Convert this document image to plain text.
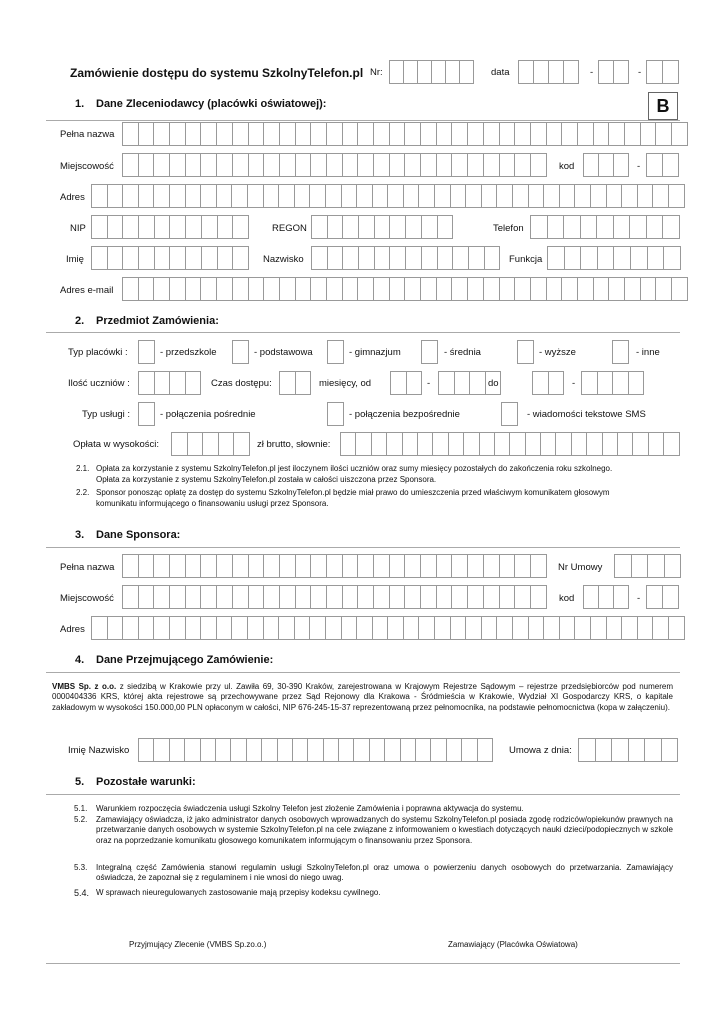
Zamówienie dostępu do systemu SzkolnyTelefon.pl Nr:	data	-	-
1. Dane Zleceniodawcy (placówki oświatowej):	B
Pełna nazwa
Miejscowość	kod	-
Adres
NIP	REGON	Telefon
Imię	Nazwisko	Funkcja
Adres e-mail
2. Przedmiot Zamówienia:
Typ placówki :	- przedszkole	- podstawowa	- gimnazjum	- średnia	- wyższe	- inne
Ilość uczniów :	Czas dostępu:	miesięcy, od	-	do	-
Typ usługi :	- połączenia pośrednie	- połączenia bezpośrednie	- wiadomości tekstowe SMS
Opłata w wysokości:	zł brutto, słownie:
2.1. Opłata za korzystanie z systemu SzkolnyTelefon.pl jest iloczynem ilości uczniów oraz sumy miesięcy pozostałych do zakończenia roku szkolnego.
Opłata za korzystanie z systemu SzkolnyTelefon.pl została w całości uiszczona przez Sponsora.
2.2. Sponsor ponosząc opłatę za dostęp do systemu SzkolnyTelefon.pl będzie miał prawo do umieszczenia przed właściwym komunikatem głosowym
komunikatu informującego o finansowaniu usługi przez Sponsora.
3. Dane Sponsora:
Pełna nazwa	Nr Umowy
Miejscowość	kod	-
Adres
4. Dane Przejmującego Zamówienie:
VMBS Sp. z o.o. z siedzibą w Krakowie przy ul. Zawiła 69, 30-390 Kraków, zarejestrowana w Krajowym Rejestrze Sądowym – rejestrze przedsiębiorców pod numerem 0000404336 KRS, której akta rejestrowe są przechowywane przez Sąd Rejonowy dla Krakowa - Śródmieścia w Krakowie, Wydział XI Gospodarczy KRS, o kapitale zakładowym w wysokości 150.000,00 PLN opłaconym w całości, NIP 676-245-15-37 reprezentowaną przez pełnomocnika, na podstawie pełnomocnictwa (kopa w załączeniu).
Imię Nazwisko	Umowa z dnia:
5. Pozostałe warunki:
5.1. Warunkiem rozpoczęcia świadczenia usługi Szkolny Telefon jest złożenie Zamówienia i poprawna aktywacja do systemu.
5.2. Zamawiający oświadcza, iż jako administrator danych osobowych wprowadzanych do systemu SzkolnyTelefon.pl posiada zgodę rodziców/opiekunów prawnych na przetwarzanie danych osobowych w systemie SzkolnyTelefon.pl na cele związane z informowaniem o kwestiach dotyczących nauki dzieci/podopiecznych w szkole oraz na poprzedzanie komunikatu głosowego komunikatem informującym o finansowaniu przez Sponsora.
5.3. Integralną część Zamówienia stanowi regulamin usługi SzkolnyTelefon.pl oraz umowa o powierzeniu danych osobowych do przetwarzania. Zamawiający oświadcza, że zapoznał się z regulaminem i nie wnosi do niego uwag.
5.4. W sprawach nieuregulowanych zastosowanie mają przepisy kodeksu cywilnego.
Przyjmujący Zlecenie (VMBS Sp.zo.o.)	Zamawiający (Placówka Oświatowa)
